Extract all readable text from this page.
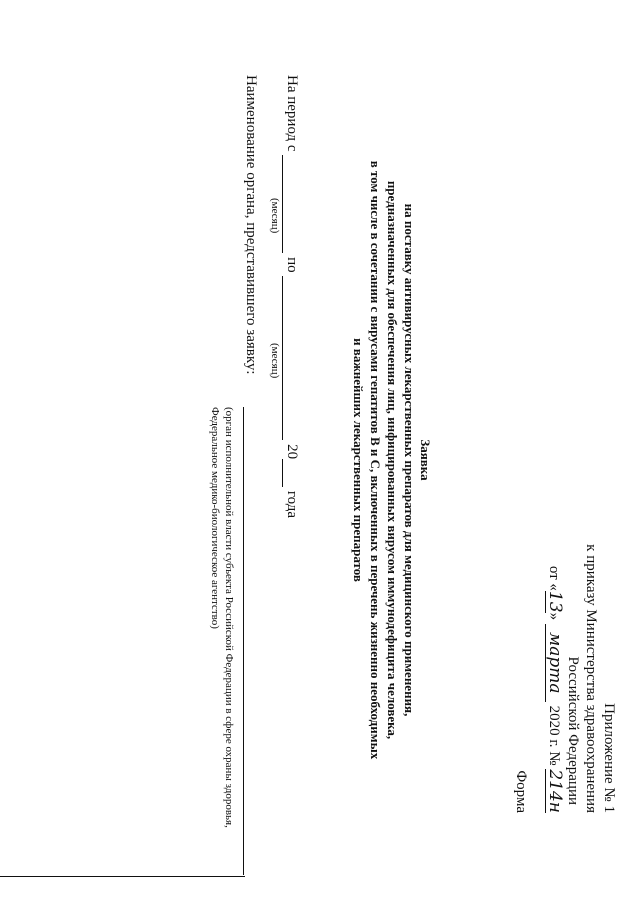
Приложение № 1
к приказу Министерства здравоохранения
Российской Федерации
от «13» марта 2020 г. № 214н
Форма
Заявка
на поставку антивирусных лекарственных препаратов для медицинского применения,
предназначенных для обеспечения лиц, инфицированных вирусом иммунодефицита человека,
в том числе в сочетании с вирусами гепатитов В и С, включенных в перечень жизненно необходимых
и важнейших лекарственных препаратов
На период с   по   20  года
(месяц)
(месяц)
Наименование органа, представившего заявку:
(орган исполнительной власти субъекта Российской Федерации в сфере охраны здоровья,
Федеральное медико-биологическое агентство)
